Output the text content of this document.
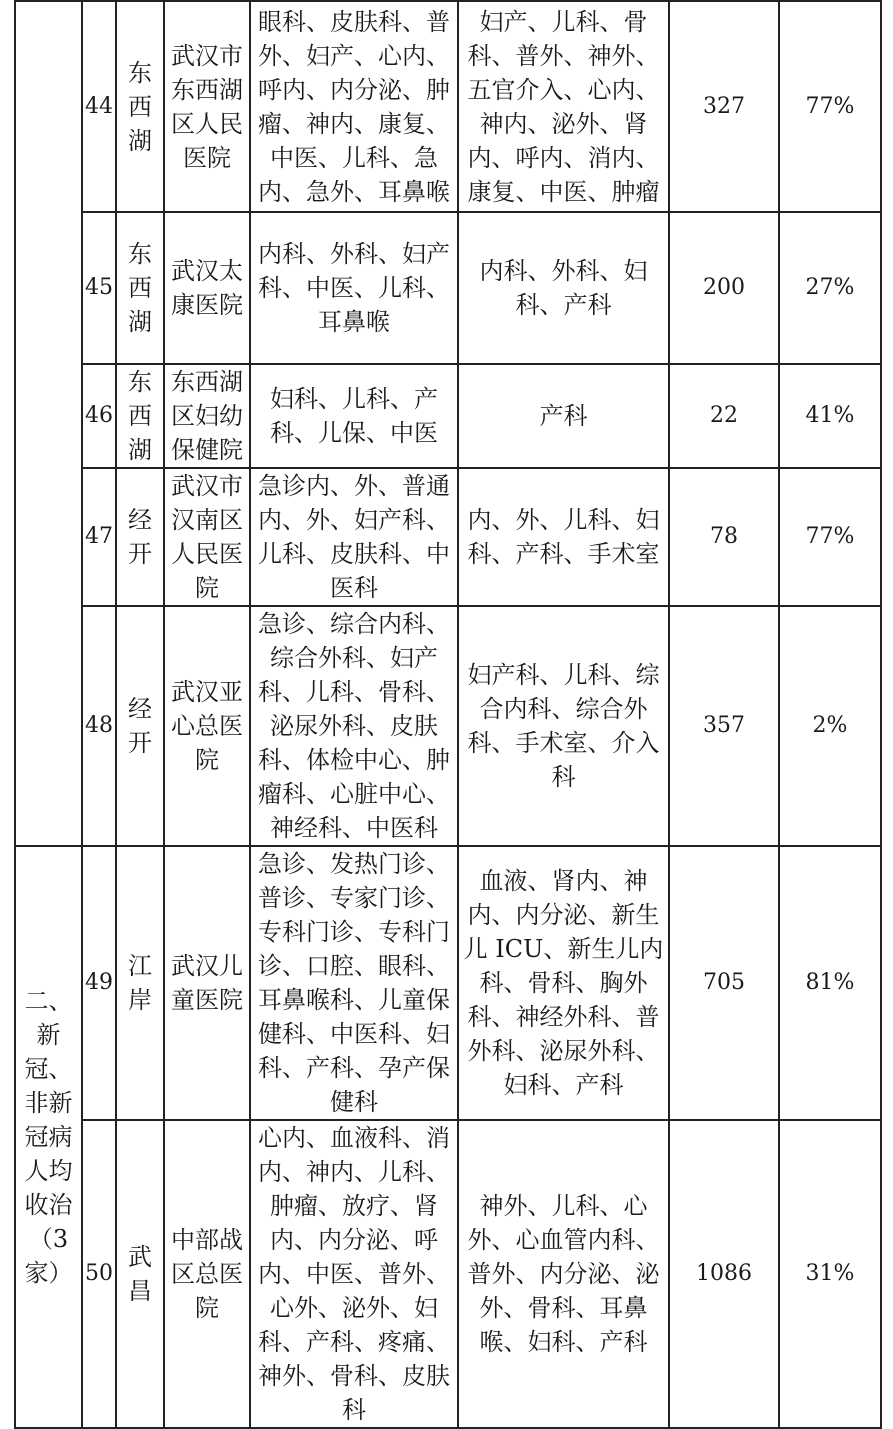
	44	东西湖	武汉市东西湖区人民医院	眼科、皮肤科、普外、妇产、心内、呼内、内分泌、肿瘤、神内、康复、中医、儿科、急内、急外、耳鼻喉	妇产、儿科、骨科、普外、神外、五官介入、心内、神内、泌外、肾内、呼内、消内、康复、中医、肿瘤	327	77%
	45	东西湖	武汉太康医院	内科、外科、妇产科、中医、儿科、耳鼻喉	内科、外科、妇科、产科	200	27%
	46	东西湖	东西湖区妇幼保健院	妇科、儿科、产科、儿保、中医	产科	22	41%
	47	经开	武汉市汉南区人民医院	急诊内、外、普通内、外、妇产科、儿科、皮肤科、中医科	内、外、儿科、妇科、产科、手术室	78	77%
	48	经开	武汉亚心总医院	急诊、综合内科、综合外科、妇产科、儿科、骨科、泌尿外科、皮肤科、体检中心、肿瘤科、心脏中心、神经科、中医科	妇产科、儿科、综合内科、综合外科、手术室、介入科	357	2%
二、新冠、非新冠病人均收治（3家）	49	江岸	武汉儿童医院	急诊、发热门诊、普诊、专家门诊、专科门诊、专科门诊、口腔、眼科、耳鼻喉科、儿童保健科、中医科、妇科、产科、孕产保健科	血液、肾内、神内、内分泌、新生儿 ICU、新生儿内科、骨科、胸外科、神经外科、普外科、泌尿外科、妇科、产科	705	81%
	50	武昌	中部战区总医院	心内、血液科、消内、神内、儿科、肿瘤、放疗、肾内、内分泌、呼内、中医、普外、心外、泌外、妇科、产科、疼痛、神外、骨科、皮肤科	神外、儿科、心外、心血管内科、普外、内分泌、泌外、骨科、耳鼻喉、妇科、产科	1086	31%
